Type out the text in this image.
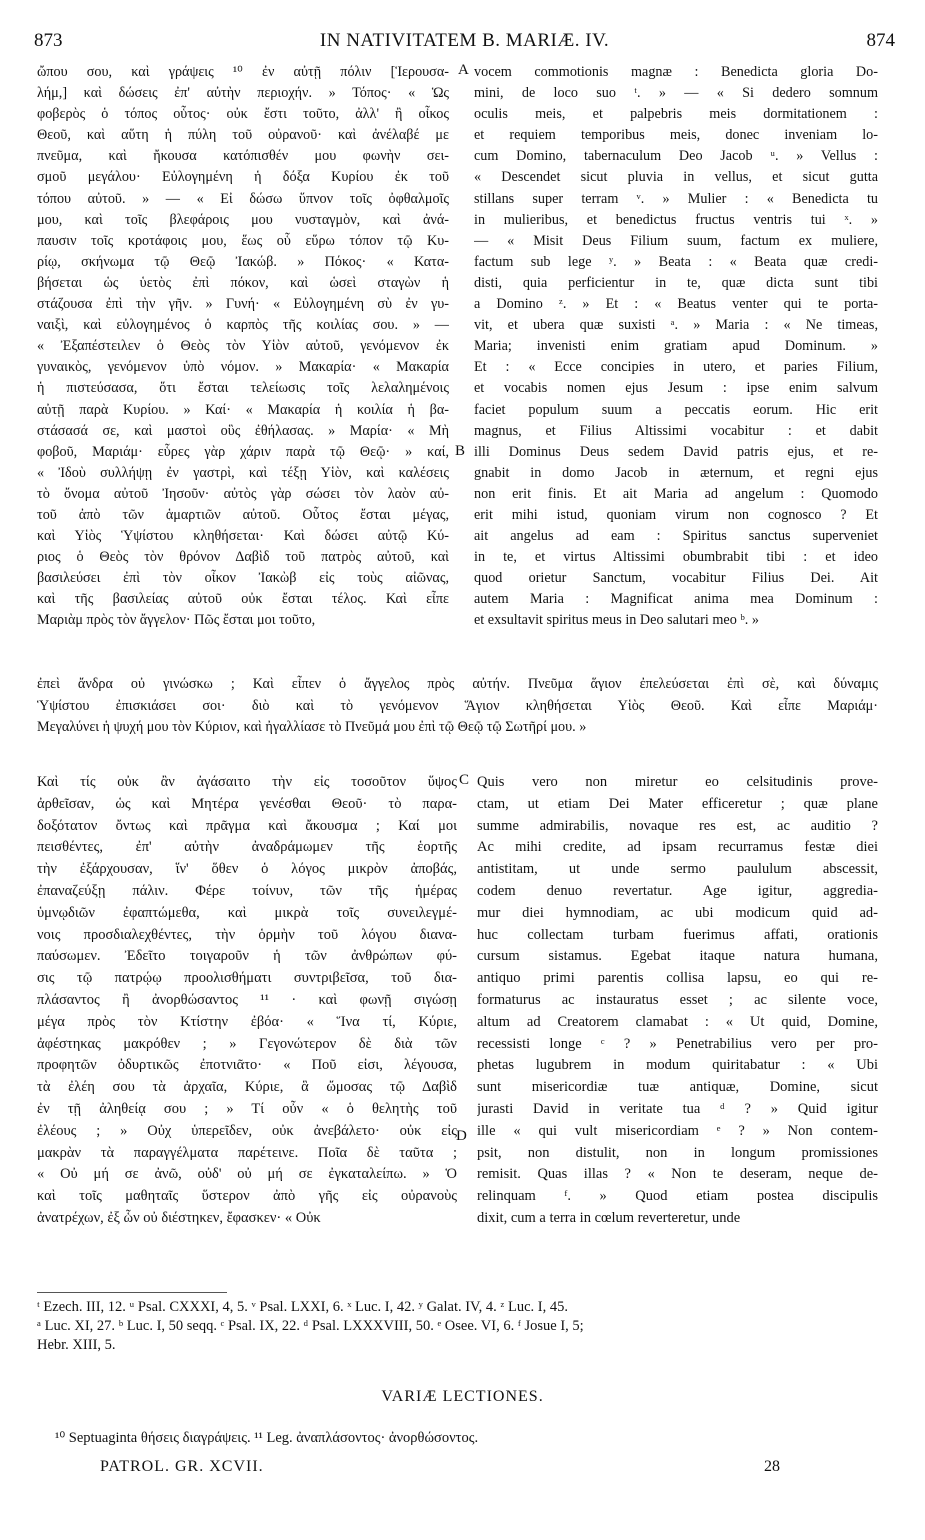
873	IN NATIVITATEM B. MARIÆ. IV.	874
ὤπου σου, καὶ γράψεις ¹⁰ ἐν αὐτῇ πόλιν [Ἱερουσα-
λήμ,] καὶ δώσεις ἐπ' αὐτὴν περιοχήν. » Τόπος· « Ὡς
φοβερὸς ὁ τόπος οὗτος· οὐκ ἔστι τοῦτο, ἀλλ' ἢ οἶκος
Θεοῦ, καὶ αὕτη ἡ πύλη τοῦ οὐρανοῦ· καὶ ἀνέλαβέ με
πνεῦμα, καὶ ἤκουσα κατόπισθέν μου φωνὴν σει-
σμοῦ μεγάλου· Εὐλογημένη ἡ δόξα Κυρίου ἐκ τοῦ
τόπου αὐτοῦ. » — « Εἰ δώσω ὕπνον τοῖς ὀφθαλμοῖς
μου, καὶ τοῖς βλεφάροις μου νυσταγμὸν, καὶ ἀνά-
παυσιν τοῖς κροτάφοις μου, ἕως οὗ εὕρω τόπον τῷ Κυ-
ρίῳ, σκήνωμα τῷ Θεῷ Ἰακώβ. » Πόκος· « Κατα-
βήσεται ὡς ὑετὸς ἐπὶ πόκον, καὶ ὡσεὶ σταγὼν ἡ
στάζουσα ἐπὶ τὴν γῆν. » Γυνή· « Εὐλογημένη σὺ ἐν γυ-
ναιξὶ, καὶ εὐλογημένος ὁ καρπὸς τῆς κοιλίας σου. » —
« Ἐξαπέστειλεν ὁ Θεὸς τὸν Υἱὸν αὐτοῦ, γενόμενον ἐκ
γυναικὸς, γενόμενον ὑπὸ νόμον. » Μακαρία· « Μακαρία
ἡ πιστεύσασα, ὅτι ἔσται τελείωσις τοῖς λελαλημένοις
αὐτῇ παρὰ Κυρίου. » Καί· « Μακαρία ἡ κοιλία ἡ βα-
στάσασά σε, καὶ μαστοὶ οὓς ἐθήλασας. » Μαρία· « Μὴ
φοβοῦ, Μαριάμ· εὗρες γὰρ χάριν παρὰ τῷ Θεῷ· » καί,
« Ἰδοὺ συλλήψῃ ἐν γαστρὶ, καὶ τέξῃ Υἱὸν, καὶ καλέσεις
τὸ ὄνομα αὐτοῦ Ἰησοῦν· αὐτὸς γὰρ σώσει τὸν λαὸν αὐ-
τοῦ ἀπὸ τῶν ἁμαρτιῶν αὐτοῦ. Οὗτος ἔσται μέγας,
καὶ Υἱὸς Ὑψίστου κληθήσεται· Καὶ δώσει αὐτῷ Κύ-
ριος ὁ Θεὸς τὸν θρόνον Δαβὶδ τοῦ πατρὸς αὐτοῦ, καὶ
βασιλεύσει ἐπὶ τὸν οἶκον Ἰακὼβ εἰς τοὺς αἰῶνας,
καὶ τῆς βασιλείας αὐτοῦ οὐκ ἔσται τέλος. Καὶ εἶπε
Μαριὰμ πρὸς τὸν ἄγγελον· Πῶς ἔσται μοι τοῦτο,
vocem commotionis magnæ : Benedicta gloria Do-
mini, de loco suo ᵗ. » — « Si dedero somnum
oculis meis, et palpebris meis dormitationem :
et requiem temporibus meis, donec inveniam lo-
cum Domino, tabernaculum Deo Jacob ᵘ. » Vellus :
« Descendet sicut pluvia in vellus, et sicut gutta
stillans super terram ᵛ. » Mulier : « Benedicta tu
in mulieribus, et benedictus fructus ventris tui ˣ. »
— « Misit Deus Filium suum, factum ex muliere,
factum sub lege ʸ. » Beata : « Beata quæ credi-
disti, quia perficientur in te, quæ dicta sunt tibi
a Domino ᶻ. » Et : « Beatus venter qui te porta-
vit, et ubera quæ suxisti ᵃ. » Maria : « Ne timeas,
Maria; invenisti enim gratiam apud Dominum. »
Et : « Ecce concipies in utero, et paries Filium,
et vocabis nomen ejus Jesum : ipse enim salvum
faciet populum suum a peccatis eorum. Hic erit
magnus, et Filius Altissimi vocabitur : et dabit
illi Dominus Deus sedem David patris ejus, et re-
gnabit in domo Jacob in æternum, et regni ejus
non erit finis. Et ait Maria ad angelum : Quomodo
erit mihi istud, quoniam virum non cognosco ? Et
ait angelus ad eam : Spiritus sanctus superveniet
in te, et virtus Altissimi obumbrabit tibi : et ideo
quod orietur Sanctum, vocabitur Filius Dei. Ait
autem Maria : Magnificat anima mea Dominum :
et exsultavit spiritus meus in Deo salutari meo ᵇ. »
A
B
C
D
ἐπεὶ ἄνδρα οὐ γινώσκω ; Καὶ εἶπεν ὁ ἄγγελος πρὸς αὐτήν. Πνεῦμα ἅγιον ἐπελεύσεται ἐπὶ σὲ, καὶ δύναμις
Ὑψίστου ἐπισκιάσει σοι· διὸ καὶ τὸ γενόμενον Ἅγιον κληθήσεται Υἱὸς Θεοῦ. Καὶ εἶπε Μαριάμ·
Μεγαλύνει ἡ ψυχή μου τὸν Κύριον, καὶ ἠγαλλίασε τὸ Πνεῦμά μου ἐπὶ τῷ Θεῷ τῷ Σωτῆρί μου. »
Καὶ τίς οὐκ ἂν ἀγάσαιτο τὴν εἰς τοσοῦτον ὕψος
ἀρθεῖσαν, ὡς καὶ Μητέρα γενέσθαι Θεοῦ· τὸ παρα-
δοξότατον ὄντως καὶ πρᾶγμα καὶ ἄκουσμα ; Καί μοι
πεισθέντες, ἐπ' αὐτὴν ἀναδράμωμεν τῆς ἑορτῆς
τὴν ἐξάρχουσαν, ἵν' ὅθεν ὁ λόγος μικρὸν ἀποβάς,
ἐπαναζεύξῃ πάλιν. Φέρε τοίνυν, τῶν τῆς ἡμέρας
ὑμνῳδιῶν ἐφαπτώμεθα, καὶ μικρὰ τοῖς συνειλεγμέ-
νοις προσδιαλεχθέντες, τὴν ὁρμὴν τοῦ λόγου διανα-
παύσωμεν. Ἐδεῖτο τοιγαροῦν ἡ τῶν ἀνθρώπων φύ-
σις τῷ πατρῴῳ προολισθήματι συντριβεῖσα, τοῦ δια-
πλάσαντος ἢ ἀνορθώσαντος ¹¹ · καὶ φωνῇ σιγώσῃ
μέγα πρὸς τὸν Κτίστην ἐβόα· « Ἵνα τί, Κύριε,
ἀφέστηκας μακρόθεν ; » Γεγονώτερον δὲ διὰ τῶν
προφητῶν ὀδυρτικῶς ἐποτνιᾶτο· « Ποῦ εἰσι, λέγουσα,
τὰ ἐλέη σου τὰ ἀρχαῖα, Κύριε, ἃ ὤμοσας τῷ Δαβὶδ
ἐν τῇ ἀληθείᾳ σου ; » Τί οὖν « ὁ θελητὴς τοῦ
ἐλέους ; » Οὐχ ὑπερεῖδεν, οὐκ ἀνεβάλετο· οὐκ εἰς
μακρὰν τὰ παραγγέλματα παρέτεινε. Ποῖα δὲ ταῦτα ;
« Οὐ μή σε ἀνῶ, οὐδ' οὐ μή σε ἐγκαταλείπω. » Ὁ
καὶ τοῖς μαθηταῖς ὕστερον ἀπὸ γῆς εἰς οὐρανοὺς
ἀνατρέχων, ἐξ ὧν οὐ διέστηκεν, ἔφασκεν· « Οὐκ
Quis vero non miretur eo celsitudinis prove-
ctam, ut etiam Dei Mater efficeretur ; quæ plane
summe admirabilis, novaque res est, ac auditio ?
Ac mihi credite, ad ipsam recurramus festæ diei
antistitam, ut unde sermo paululum abscessit,
codem denuo revertatur. Age igitur, aggredia-
mur diei hymnodiam, ac ubi modicum quid ad-
huc collectam turbam fuerimus affati, orationis
cursum sistamus. Egebat itaque natura humana,
antiquo primi parentis collisa lapsu, eo qui re-
formaturus ac instauratus esset ; ac silente voce,
altum ad Creatorem clamabat : « Ut quid, Domine,
recessisti longe ᶜ ? » Penetrabilius vero per pro-
phetas lugubrem in modum quiritabatur : « Ubi
sunt misericordiæ tuæ antiquæ, Domine, sicut
jurasti David in veritate tua ᵈ ? » Quid igitur
ille « qui vult misericordiam ᵉ ? » Non contem-
psit, non distulit, non in longum promissiones
remisit. Quas illas ? « Non te deseram, neque de-
relinquam ᶠ. » Quod etiam postea discipulis
dixit, cum a terra in cœlum reverteretur, unde
ᵗ Ezech. III, 12. ᵘ Psal. CXXXI, 4, 5. ᵛ Psal. LXXI, 6. ˣ Luc. I, 42. ʸ Galat. IV, 4. ᶻ Luc. I, 45.
ᵃ Luc. XI, 27. ᵇ Luc. I, 50 seqq. ᶜ Psal. IX, 22. ᵈ Psal. LXXXVIII, 50. ᵉ Osee. VI, 6. ᶠ Josue I, 5;
Hebr. XIII, 5.
VARIÆ LECTIONES.
¹⁰ Septuaginta θήσεις διαγράψεις. ¹¹ Leg. ἀναπλάσοντος· ἀνορθώσοντος.
PATROL. GR. XCVII.	28
